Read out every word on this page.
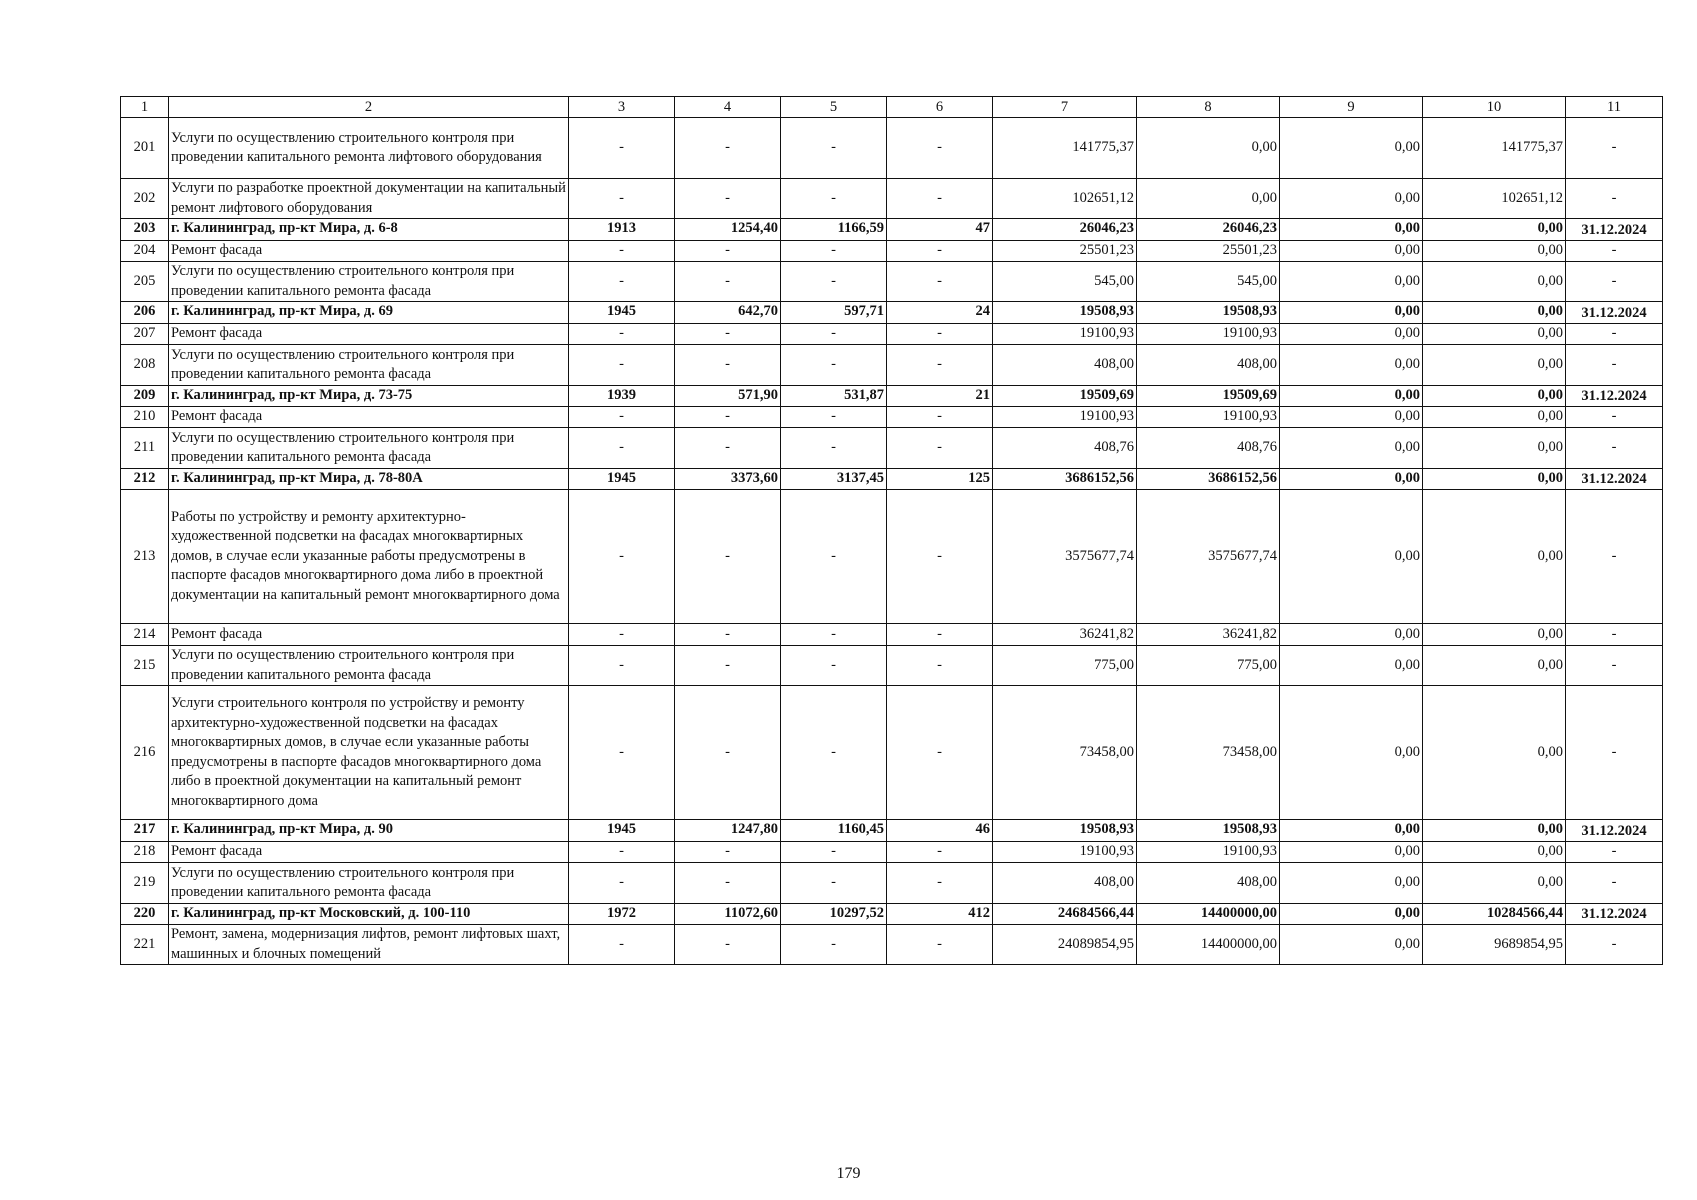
1	2	3	4	5	6	7	8	9	10	11
201	Услуги по осуществлению строительного контроля при проведении капитального ремонта лифтового оборудования	-	-	-	-	141775,37	0,00	0,00	141775,37	-
202	Услуги по разработке проектной документации на капитальный ремонт лифтового оборудования	-	-	-	-	102651,12	0,00	0,00	102651,12	-
203	г. Калининград, пр-кт Мира, д. 6-8	1913	1254,40	1166,59	47	26046,23	26046,23	0,00	0,00	31.12.2024
204	Ремонт фасада	-	-	-	-	25501,23	25501,23	0,00	0,00	-
205	Услуги по осуществлению строительного контроля при проведении капитального ремонта фасада	-	-	-	-	545,00	545,00	0,00	0,00	-
206	г. Калининград, пр-кт Мира, д. 69	1945	642,70	597,71	24	19508,93	19508,93	0,00	0,00	31.12.2024
207	Ремонт фасада	-	-	-	-	19100,93	19100,93	0,00	0,00	-
208	Услуги по осуществлению строительного контроля при проведении капитального ремонта фасада	-	-	-	-	408,00	408,00	0,00	0,00	-
209	г. Калининград, пр-кт Мира, д. 73-75	1939	571,90	531,87	21	19509,69	19509,69	0,00	0,00	31.12.2024
210	Ремонт фасада	-	-	-	-	19100,93	19100,93	0,00	0,00	-
211	Услуги по осуществлению строительного контроля при проведении капитального ремонта фасада	-	-	-	-	408,76	408,76	0,00	0,00	-
212	г. Калининград, пр-кт Мира, д. 78-80А	1945	3373,60	3137,45	125	3686152,56	3686152,56	0,00	0,00	31.12.2024
213	Работы по устройству и ремонту архитектурно-художественной подсветки на фасадах многоквартирных домов, в случае если указанные работы предусмотрены в паспорте фасадов многоквартирного дома либо в проектной документации на капитальный ремонт многоквартирного дома	-	-	-	-	3575677,74	3575677,74	0,00	0,00	-
214	Ремонт фасада	-	-	-	-	36241,82	36241,82	0,00	0,00	-
215	Услуги по осуществлению строительного контроля при проведении капитального ремонта фасада	-	-	-	-	775,00	775,00	0,00	0,00	-
216	Услуги строительного контроля по устройству и ремонту архитектурно-художественной подсветки на фасадах многоквартирных домов, в случае если указанные работы предусмотрены в паспорте фасадов многоквартирного дома либо в проектной документации на капитальный ремонт многоквартирного дома	-	-	-	-	73458,00	73458,00	0,00	0,00	-
217	г. Калининград, пр-кт Мира, д. 90	1945	1247,80	1160,45	46	19508,93	19508,93	0,00	0,00	31.12.2024
218	Ремонт фасада	-	-	-	-	19100,93	19100,93	0,00	0,00	-
219	Услуги по осуществлению строительного контроля при проведении капитального ремонта фасада	-	-	-	-	408,00	408,00	0,00	0,00	-
220	г. Калининград, пр-кт Московский, д. 100-110	1972	11072,60	10297,52	412	24684566,44	14400000,00	0,00	10284566,44	31.12.2024
221	Ремонт, замена, модернизация лифтов, ремонт лифтовых шахт, машинных и блочных помещений	-	-	-	-	24089854,95	14400000,00	0,00	9689854,95	-
179
